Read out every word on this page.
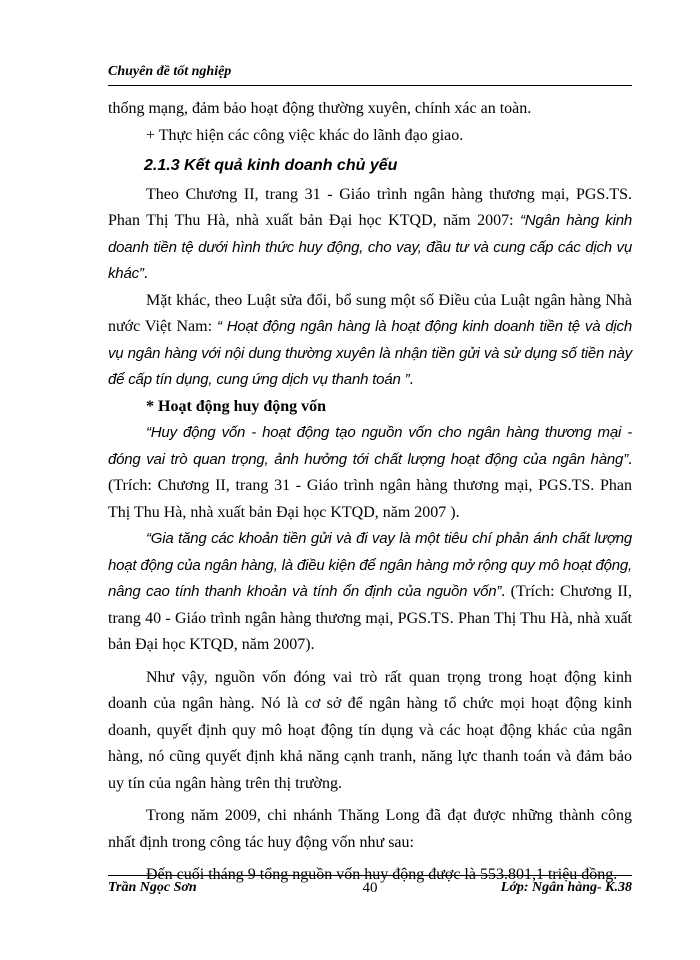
Chuyên đề tốt nghiệp

thống mạng, đảm bảo hoạt động thường xuyên, chính xác an toàn.

+ Thực hiện các công việc khác do lãnh đạo giao.

2.1.3 Kết quả kinh doanh chủ yếu

Theo Chương II, trang 31 - Giáo trình ngân hàng thương mại, PGS.TS. Phan Thị Thu Hà, nhà xuất bản Đại học KTQD, năm 2007: “Ngân hàng kinh doanh tiền tệ dưới hình thức huy động, cho vay, đầu tư và cung cấp các dịch vụ khác”.

Mặt khác, theo Luật sửa đổi, bổ sung một số Điều của Luật ngân hàng Nhà nước Việt Nam: “ Hoạt động ngân hàng là hoạt động kinh doanh tiền tệ và dịch vụ ngân hàng với nội dung thường xuyên là nhận tiền gửi và sử dụng số tiền này để cấp tín dụng, cung ứng dịch vụ thanh toán ”.

* Hoạt động huy động vốn

“Huy động vốn - hoạt động tạo nguồn vốn cho ngân hàng thương mại - đóng vai trò quan trọng, ảnh hưởng tới chất lượng hoạt động của ngân hàng”. (Trích: Chương II, trang 31 - Giáo trình ngân hàng thương mại, PGS.TS. Phan Thị Thu Hà, nhà xuất bản Đại học KTQD, năm 2007 ).

“Gia tăng các khoản tiền gửi và đi vay là một tiêu chí phản ánh chất lượng hoạt động của ngân hàng, là điều kiện để ngân hàng mở rộng quy mô hoạt động, nâng cao tính thanh khoản và tính ổn định của nguồn vốn”. (Trích: Chương II, trang 40 - Giáo trình ngân hàng thương mại, PGS.TS. Phan Thị Thu Hà, nhà xuất bản Đại học KTQD, năm 2007).

Như vậy, nguồn vốn đóng vai trò rất quan trọng trong hoạt động kinh doanh của ngân hàng. Nó là cơ sở để ngân hàng tổ chức mọi hoạt động kinh doanh, quyết định quy mô hoạt động tín dụng và các hoạt động khác của ngân hàng, nó cũng quyết định khả năng cạnh tranh, năng lực thanh toán và đảm bảo uy tín của ngân hàng trên thị trường.

Trong năm 2009, chi nhánh Thăng Long đã đạt được những thành công nhất định trong công tác huy động vốn như sau:

Đến cuối tháng 9 tổng nguồn vốn huy động được là 553.801,1 triệu đồng.

Trần Ngọc Sơn	40	Lớp: Ngân hàng- K.38
